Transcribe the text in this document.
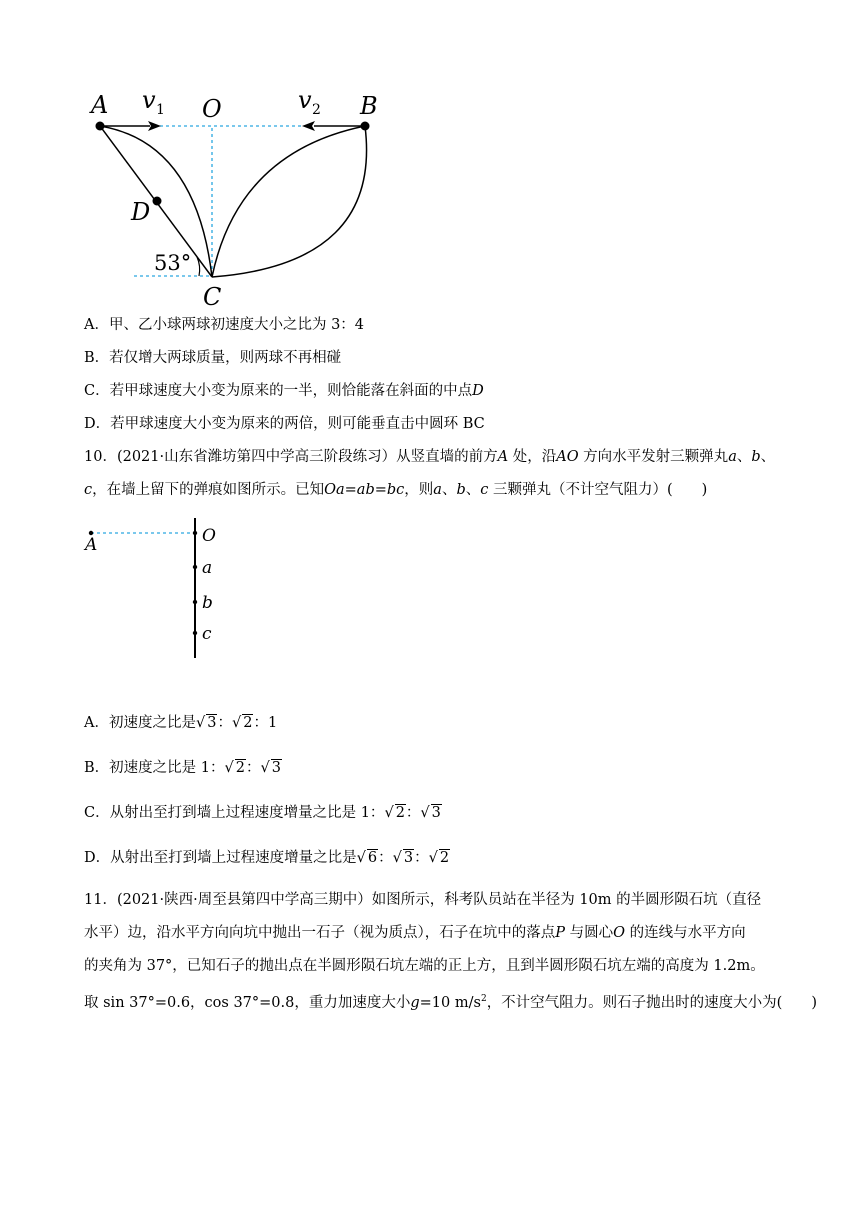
A v 1 O	v 2 B
D
53°
C
A．甲、乙小球两球初速度大小之比为 3：4
B．若仅增大两球质量，则两球不再相碰
C．若甲球速度大小变为原来的一半，则恰能落在斜面的中点D
D．若甲球速度大小变为原来的两倍，则可能垂直击中圆环 BC
10．(2021·山东省潍坊第四中学高三阶段练习）从竖直墙的前方A 处，沿AO 方向水平发射三颗弹丸a、b、
c，在墙上留下的弹痕如图所示。已知Oa=ab=bc，则a、b、c 三颗弹丸（不计空气阻力）(　　)
A	O
a
b
c
A．初速度之比是√ 3：√ 2：1
B．初速度之比是 1：√ 2：√ 3
C．从射出至打到墙上过程速度增量之比是 1：√ 2：√ 3
D．从射出至打到墙上过程速度增量之比是√ 6：√ 3：√ 2
11．(2021·陕西·周至县第四中学高三期中）如图所示，科考队员站在半径为 10m 的半圆形陨石坑（直径
水平）边，沿水平方向向坑中抛出一石子（视为质点），石子在坑中的落点P 与圆心O 的连线与水平方向
的夹角为 37°，已知石子的抛出点在半圆形陨石坑左端的正上方，且到半圆形陨石坑左端的高度为 1.2m。
取 sin 37°=0.6，cos 37°=0.8，重力加速度大小g=10 $m/s^2$，不计空气阻力。则石子抛出时的速度大小为(　　)
